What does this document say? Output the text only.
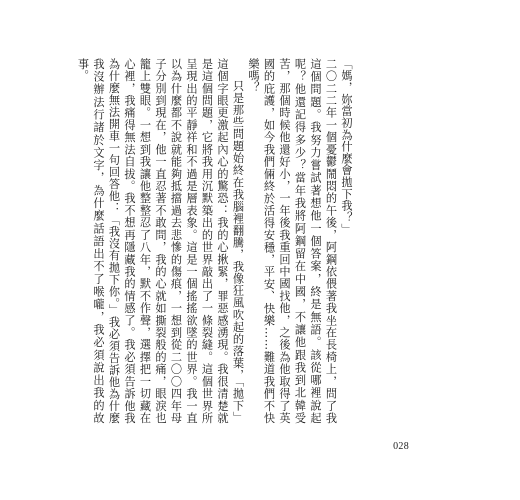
「媽，妳當初為什麼會拋下我？」

二〇二二年一個憂鬱鬧悶的午後，阿鋼依偎著我坐在長椅上，問了我這個問題。我努力嘗試著想他一個答案，終是無語。該從哪裡說起呢？他還記得多少？當年我將阿鋼留在中國，不讓他跟我到北韓受苦，那個時候他還好小，一年後我重回中國找他，之後為他取得了英國的庇護，如今我們倆終於活得安穩，平安、快樂……難道我們不快樂嗎？

只是那些問題始終在我腦裡翻騰，我像狂風吹起的落葉，「拋下」這個字眼更激起內心的驚恐：我的心揪緊，罪惡感湧現。我很清楚就是這個問題，它將我用沉默築出的世界敲出了一條裂縫。這個世界所呈現出的平靜祥和不過是層表象。這是一個搖搖欲墜的世界。我一直以為什麼都不說就能夠抵擋過去悲慘的傷痕，一想到從二〇〇四年母子分別到現在，他一直忍著不敢問，我的心就如撕裂般的痛，眼淚也籠上雙眼。一想到我讓他整整忍了八年，默不作聲，選擇把一切藏在心裡，我痛得無法自拔。我不想再隱藏我的情感了。我必須告訴他我為什麼無法開車一句回答他：「我沒有拋下你。」我必須告訴他為什麼我沒辦法行諸於文字，為什麼話語出不了喉嚨，我必須說出我的故事。

028
